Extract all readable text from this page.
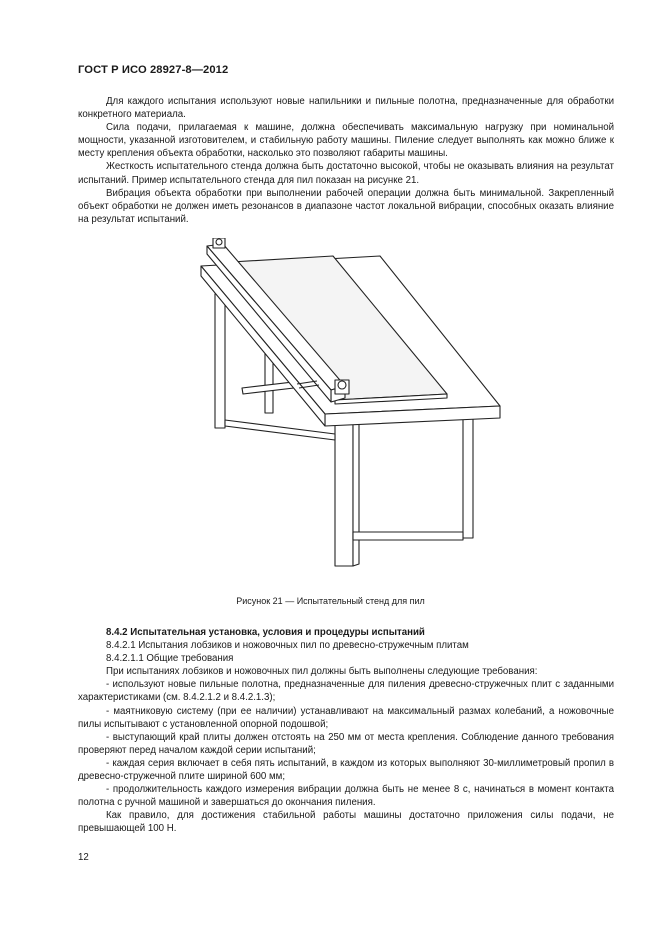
ГОСТ Р ИСО 28927-8—2012

Для каждого испытания используют новые напильники и пильные полотна, предназначенные для обработки конкретного материала.

Сила подачи, прилагаемая к машине, должна обеспечивать максимальную нагрузку при номинальной мощности, указанной изготовителем, и стабильную работу машины. Пиление следует выполнять как можно ближе к месту крепления объекта обработки, насколько это позволяют габариты машины.

Жесткость испытательного стенда должна быть достаточно высокой, чтобы не оказывать влияния на результат испытаний. Пример испытательного стенда для пил показан на рисунке 21.

Вибрация объекта обработки при выполнении рабочей операции должна быть минимальной. Закрепленный объект обработки не должен иметь резонансов в диапазоне частот локальной вибрации, способных оказать влияние на результат испытаний.

Рисунок 21 — Испытательный стенд для пил

8.4.2 Испытательная установка, условия и процедуры испытаний

8.4.2.1 Испытания лобзиков и ножовочных пил по древесно-стружечным плитам

8.4.2.1.1 Общие требования

При испытаниях лобзиков и ножовочных пил должны быть выполнены следующие требования:

- используют новые пильные полотна, предназначенные для пиления древесно-стружечных плит с заданными характеристиками (см. 8.4.2.1.2 и 8.4.2.1.3);

- маятниковую систему (при ее наличии) устанавливают на максимальный размах колебаний, а ножовочные пилы испытывают с установленной опорной подошвой;

- выступающий край плиты должен отстоять на 250 мм от места крепления. Соблюдение данного требования проверяют перед началом каждой серии испытаний;

- каждая серия включает в себя пять испытаний, в каждом из которых выполняют 30-миллиметровый пропил в древесно-стружечной плите шириной 600 мм;

- продолжительность каждого измерения вибрации должна быть не менее 8 с, начинаться в момент контакта полотна с ручной машиной и завершаться до окончания пиления.

Как правило, для достижения стабильной работы машины достаточно приложения силы подачи, не превышающей 100 Н.

12
